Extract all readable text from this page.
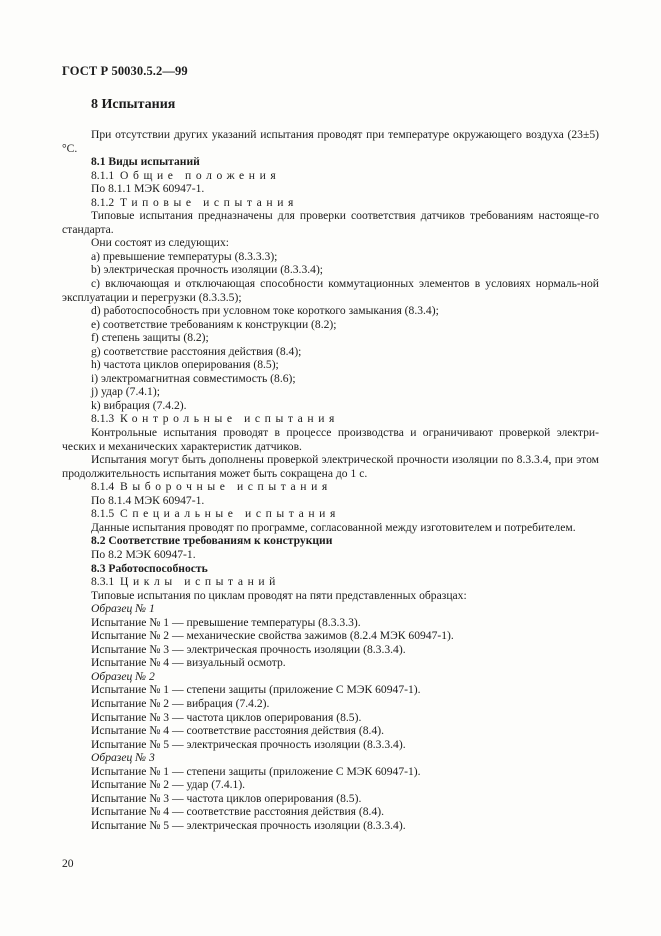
ГОСТ Р 50030.5.2—99
8 Испытания

При отсутствии других указаний испытания проводят при температуре окружающего воздуха (23±5) °C.

8.1 Виды испытаний

8.1.1  Общие положения

По 8.1.1 МЭК 60947-1.

8.1.2  Типовые испытания

Типовые испытания предназначены для проверки соответствия датчиков требованиям настояще-го стандарта.

Они состоят из следующих:

a) превышение температуры (8.3.3.3);

b) электрическая прочность изоляции (8.3.3.4);

c) включающая и отключающая способности коммутационных элементов в условиях нормаль-ной эксплуатации и перегрузки (8.3.3.5);

d) работоспособность при условном токе короткого замыкания (8.3.4);

e) соответствие требованиям к конструкции (8.2);

f) степень защиты (8.2);

g) соответствие расстояния действия (8.4);

h) частота циклов оперирования (8.5);

i) электромагнитная совместимость (8.6);

j) удар (7.4.1);

k) вибрация (7.4.2).

8.1.3  Контрольные испытания

Контрольные испытания проводят в процессе производства и ограничивают проверкой электри-ческих и механических характеристик датчиков.

Испытания могут быть дополнены проверкой электрической прочности изоляции по 8.3.3.4, при этом продолжительность испытания может быть сокращена до 1 с.

8.1.4  Выборочные испытания

По 8.1.4 МЭК 60947-1.

8.1.5  Специальные испытания

Данные испытания проводят по программе, согласованной между изготовителем и потребителем.

8.2 Соответствие требованиям к конструкции

По 8.2 МЭК 60947-1.

8.3 Работоспособность

8.3.1  Циклы испытаний

Типовые испытания по циклам проводят на пяти представленных образцах:

Образец № 1

Испытание № 1 — превышение температуры (8.3.3.3).

Испытание № 2 — механические свойства зажимов (8.2.4 МЭК 60947-1).

Испытание № 3 — электрическая прочность изоляции (8.3.3.4).

Испытание № 4 — визуальный осмотр.

Образец № 2

Испытание № 1 — степени защиты (приложение С МЭК 60947-1).

Испытание № 2 — вибрация (7.4.2).

Испытание № 3 — частота циклов оперирования (8.5).

Испытание № 4 — соответствие расстояния действия (8.4).

Испытание № 5 — электрическая прочность изоляции (8.3.3.4).

Образец № 3

Испытание № 1 — степени защиты (приложение С МЭК 60947-1).

Испытание № 2 — удар (7.4.1).

Испытание № 3 — частота циклов оперирования (8.5).

Испытание № 4 — соответствие расстояния действия (8.4).

Испытание № 5 — электрическая прочность изоляции (8.3.3.4).

20
